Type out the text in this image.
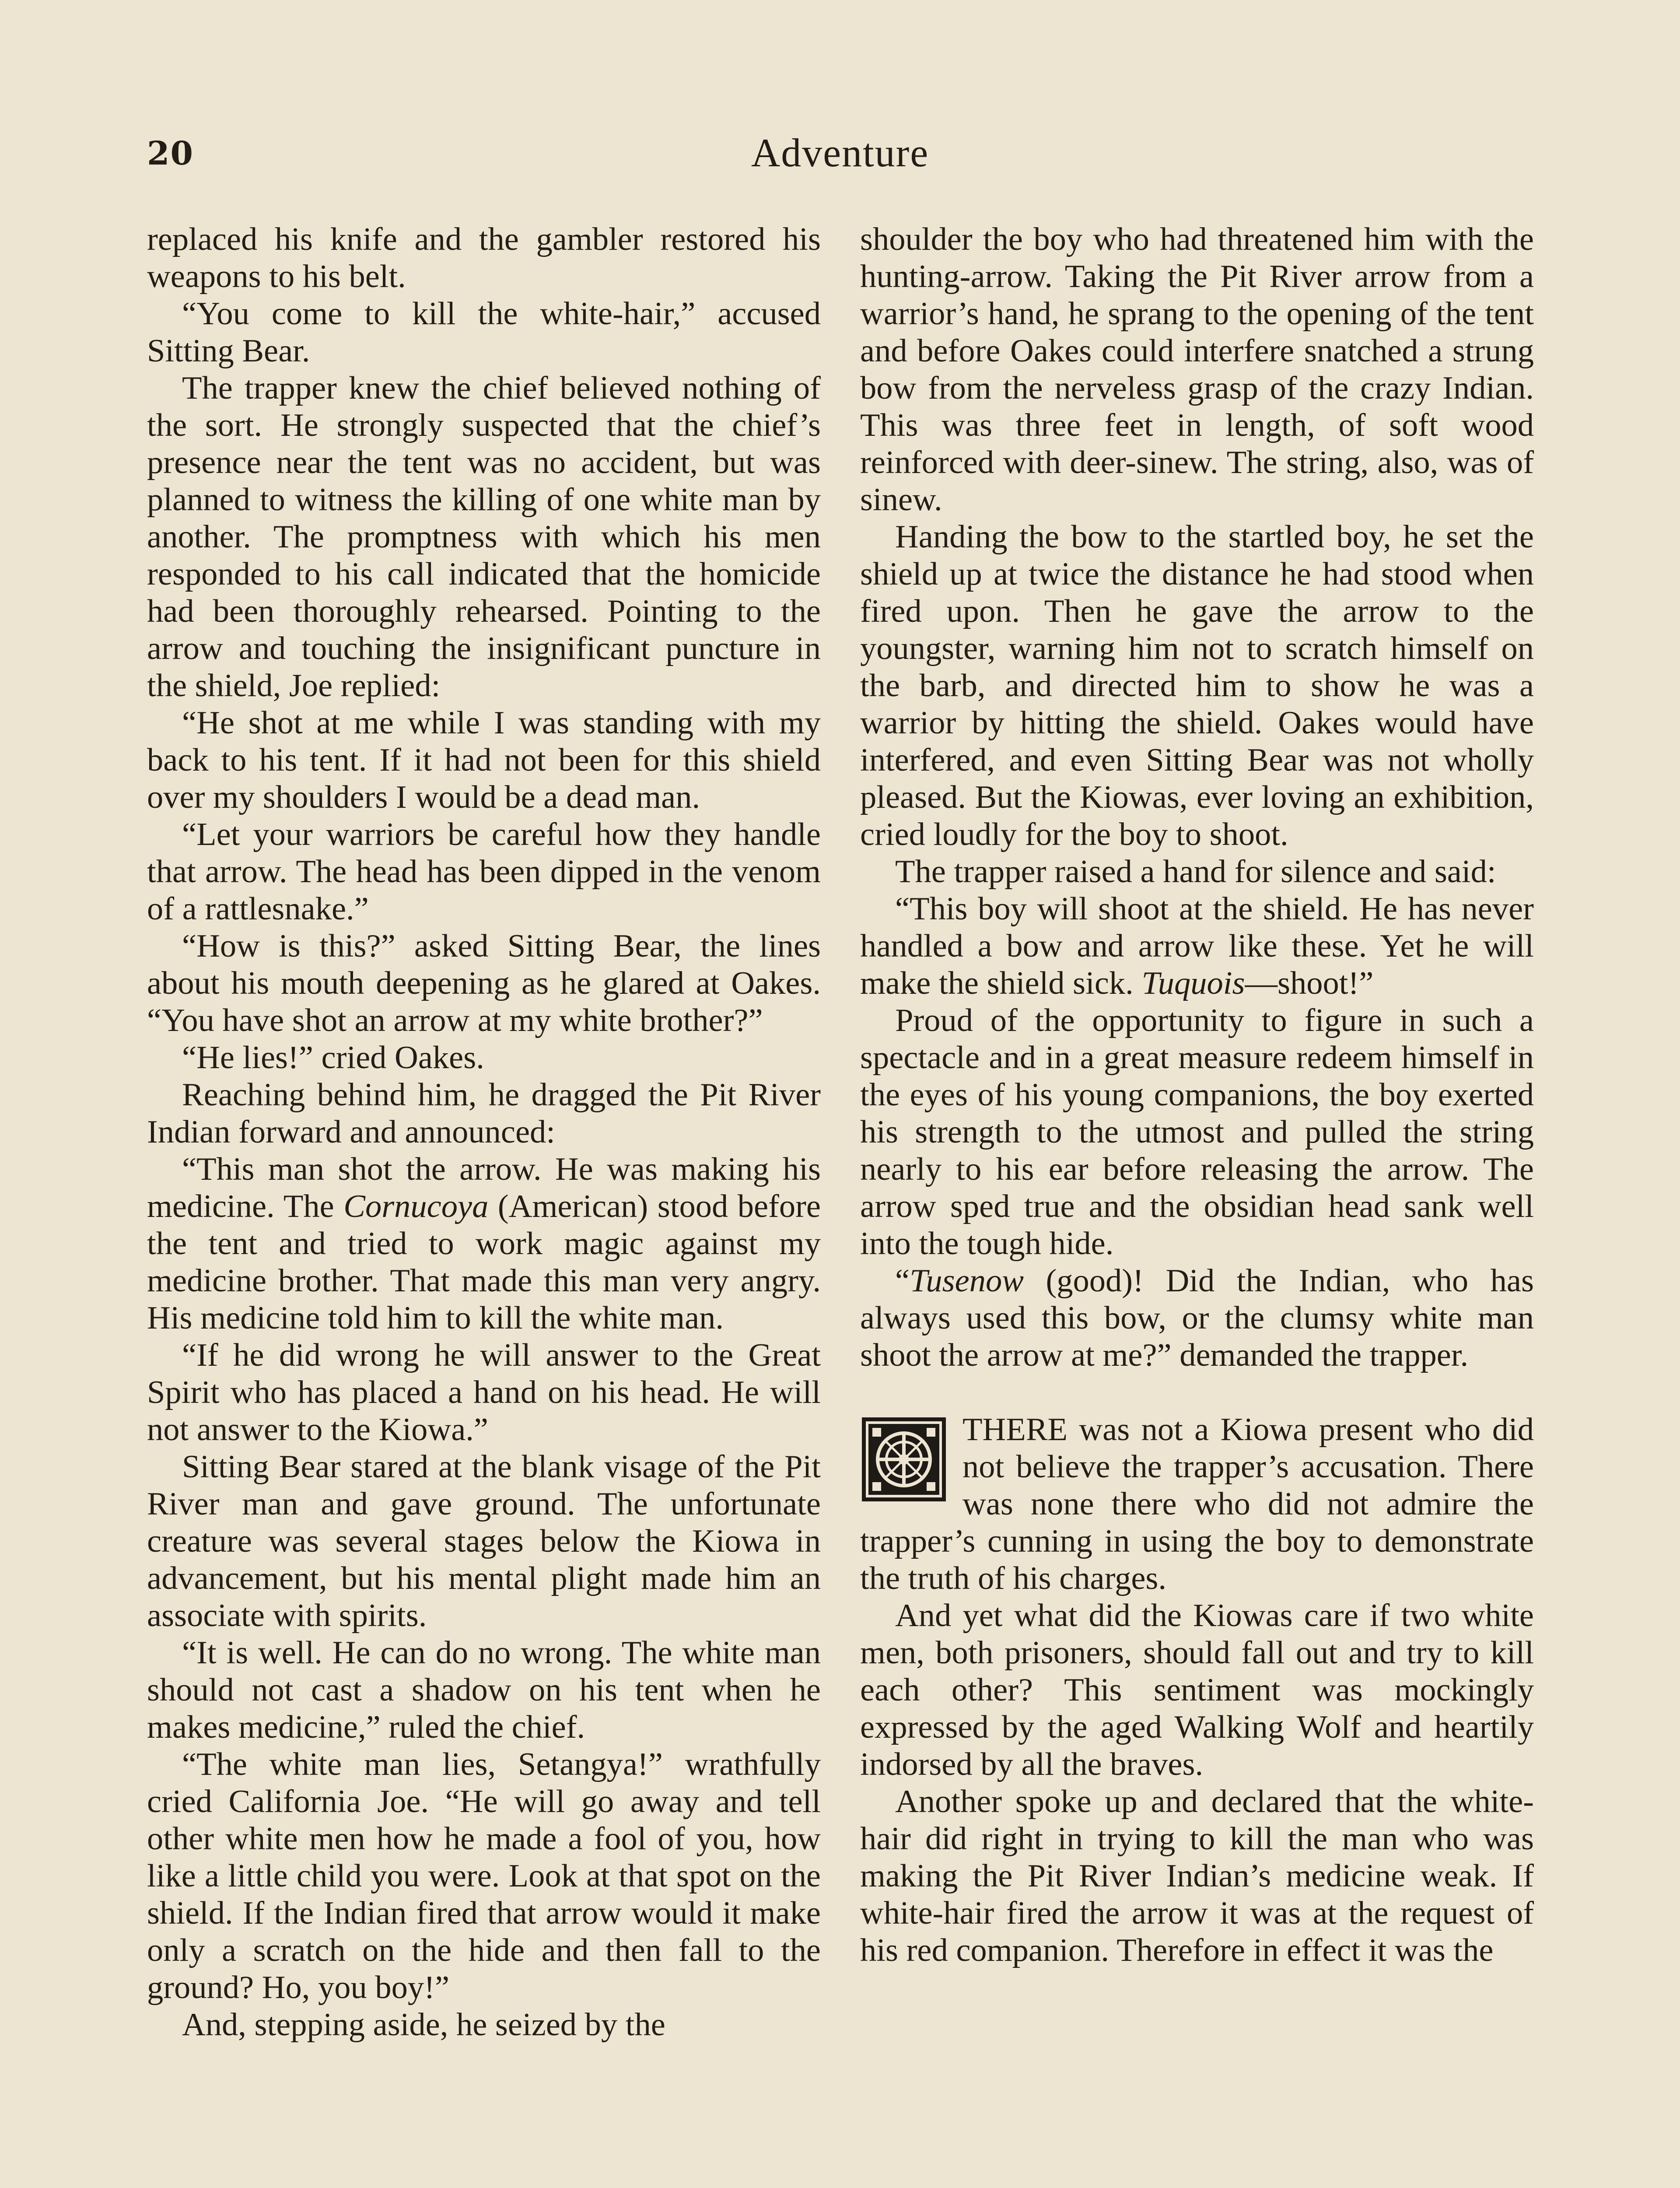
20	Adventure

replaced his knife and the gambler restored his weapons to his belt.

“You come to kill the white-hair,” accused Sitting Bear.

The trapper knew the chief believed nothing of the sort. He strongly suspected that the chief’s presence near the tent was no accident, but was planned to witness the killing of one white man by another. The promptness with which his men responded to his call indicated that the homicide had been thoroughly rehearsed. Pointing to the arrow and touching the insignificant puncture in the shield, Joe replied:

“He shot at me while I was standing with my back to his tent. If it had not been for this shield over my shoulders I would be a dead man.

“Let your warriors be careful how they handle that arrow. The head has been dipped in the venom of a rattlesnake.”

“How is this?” asked Sitting Bear, the lines about his mouth deepening as he glared at Oakes. “You have shot an arrow at my white brother?”

“He lies!” cried Oakes.

Reaching behind him, he dragged the Pit River Indian forward and announced:

“This man shot the arrow. He was making his medicine. The Cornucoya (American) stood before the tent and tried to work magic against my medicine brother. That made this man very angry. His medicine told him to kill the white man.

“If he did wrong he will answer to the Great Spirit who has placed a hand on his head. He will not answer to the Kiowa.”

Sitting Bear stared at the blank visage of the Pit River man and gave ground. The unfortunate creature was several stages below the Kiowa in advancement, but his mental plight made him an associate with spirits.

“It is well. He can do no wrong. The white man should not cast a shadow on his tent when he makes medicine,” ruled the chief.

“The white man lies, Setangya!” wrathfully cried California Joe. “He will go away and tell other white men how he made a fool of you, how like a little child you were. Look at that spot on the shield. If the Indian fired that arrow would it make only a scratch on the hide and then fall to the ground? Ho, you boy!”

And, stepping aside, he seized by the

shoulder the boy who had threatened him with the hunting-arrow. Taking the Pit River arrow from a warrior’s hand, he sprang to the opening of the tent and before Oakes could interfere snatched a strung bow from the nerveless grasp of the crazy Indian. This was three feet in length, of soft wood reinforced with deer-sinew. The string, also, was of sinew.

Handing the bow to the startled boy, he set the shield up at twice the distance he had stood when fired upon. Then he gave the arrow to the youngster, warning him not to scratch himself on the barb, and directed him to show he was a warrior by hitting the shield. Oakes would have interfered, and even Sitting Bear was not wholly pleased. But the Kiowas, ever loving an exhibition, cried loudly for the boy to shoot.

The trapper raised a hand for silence and said:

“This boy will shoot at the shield. He has never handled a bow and arrow like these. Yet he will make the shield sick. Tuquois—shoot!”

Proud of the opportunity to figure in such a spectacle and in a great measure redeem himself in the eyes of his young companions, the boy exerted his strength to the utmost and pulled the string nearly to his ear before releasing the arrow. The arrow sped true and the obsidian head sank well into the tough hide.

“Tusenow (good)! Did the Indian, who has always used this bow, or the clumsy white man shoot the arrow at me?” demanded the trapper.

THERE was not a Kiowa present who did not believe the trapper’s accusation. There was none there who did not admire the trapper’s cunning in using the boy to demonstrate the truth of his charges.

And yet what did the Kiowas care if two white men, both prisoners, should fall out and try to kill each other? This sentiment was mockingly expressed by the aged Walking Wolf and heartily indorsed by all the braves.

Another spoke up and declared that the white-hair did right in trying to kill the man who was making the Pit River Indian’s medicine weak. If white-hair fired the arrow it was at the request of his red companion. Therefore in effect it was the
